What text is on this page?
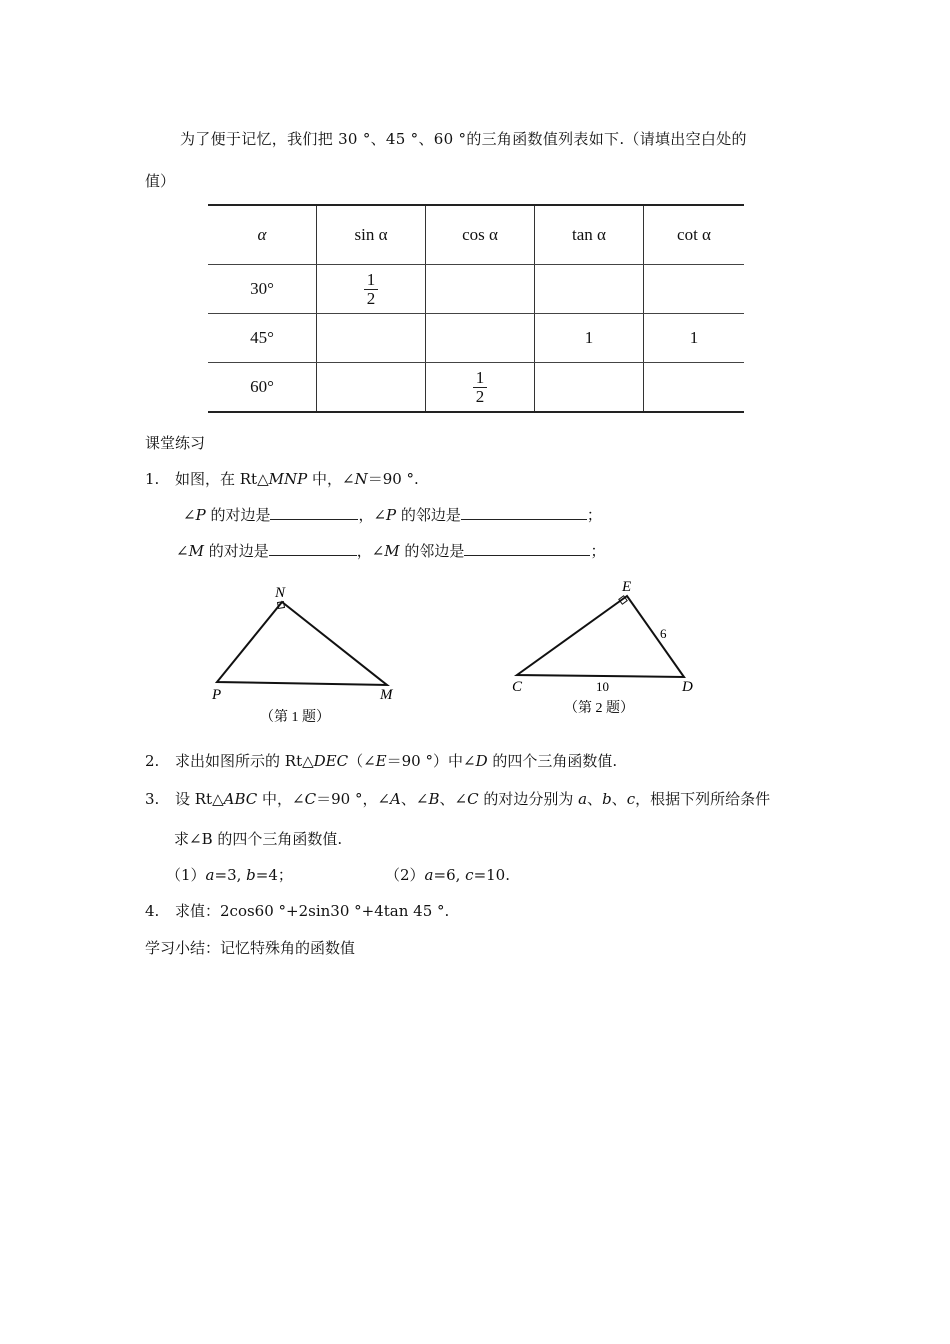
为了便于记忆，我们把 30 °、45 °、60 °的三角函数值列表如下.（请填出空白处的
值）
α	sin α	cos α	tan α	cot α
30°	$\frac{1}{2}$

45°			1	1
60°		$\frac{1}{2}$

课堂练习
1. 如图，在 Rt△MNP 中，∠N＝90 °.
∠P 的对边是	，∠P 的邻边是	；
∠M 的对边是	，∠M 的邻边是	；
N
P	M
（第 1 题）
E
C	D
6
10
（第 2 题）
2. 求出如图所示的 Rt△DEC（∠E＝90 °）中∠D 的四个三角函数值.
3. 设 Rt△ABC 中，∠C＝90 °，∠A、∠B、∠C 的对边分别为 a、b、c，根据下列所给条件
求∠B 的四个三角函数值.
（1）a=3, b=4；	（2）a=6, c=10.
4. 求值：2cos60 °+2sin30 °+4tan 45 °.
学习小结：记忆特殊角的函数值
